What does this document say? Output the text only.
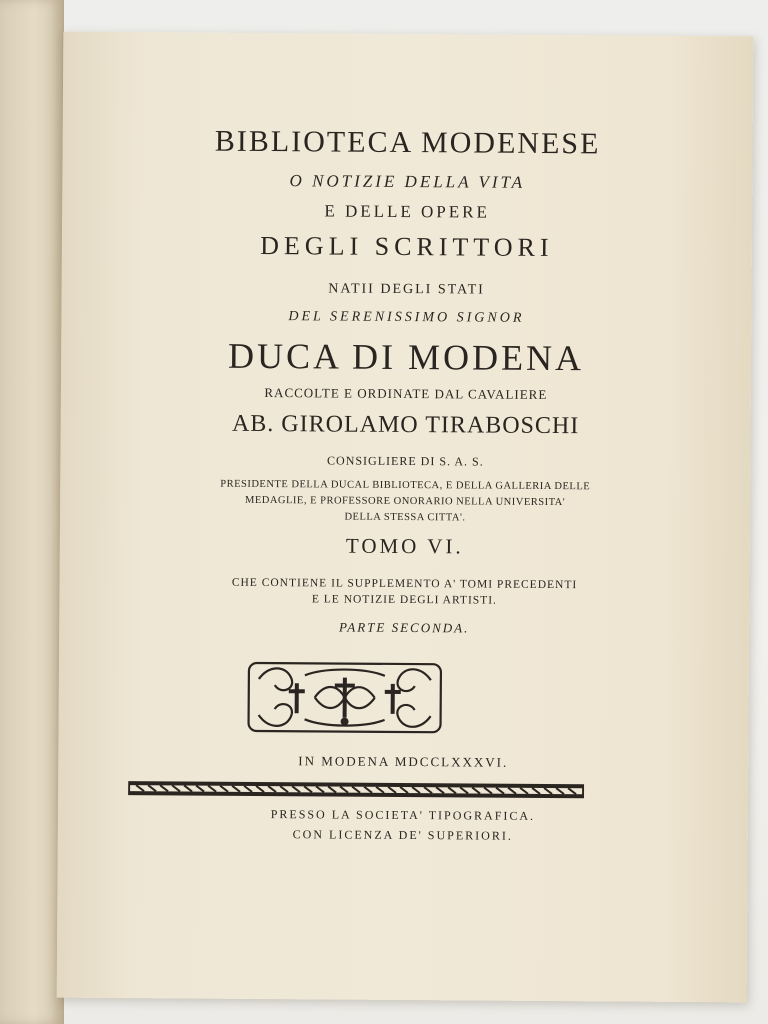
BIBLIOTECA MODENESE
O NOTIZIE DELLA VITA
E DELLE OPERE
DEGLI SCRITTORI
NATII DEGLI STATI
DEL SERENISSIMO SIGNOR
DUCA DI MODENA
RACCOLTE E ORDINATE DAL CAVALIERE
AB. GIROLAMO TIRABOSCHI
CONSIGLIERE DI S. A. S.
PRESIDENTE DELLA DUCAL BIBLIOTECA, E DELLA GALLERIA DELLE
MEDAGLIE, E PROFESSORE ONORARIO NELLA UNIVERSITA'
DELLA STESSA CITTA'.
TOMO VI.
CHE CONTIENE IL SUPPLEMENTO A' TOMI PRECEDENTI
E LE NOTIZIE DEGLI ARTISTI.
PARTE SECONDA.
IN MODENA MDCCLXXXVI.
PRESSO LA SOCIETA' TIPOGRAFICA.
CON LICENZA DE' SUPERIORI.
